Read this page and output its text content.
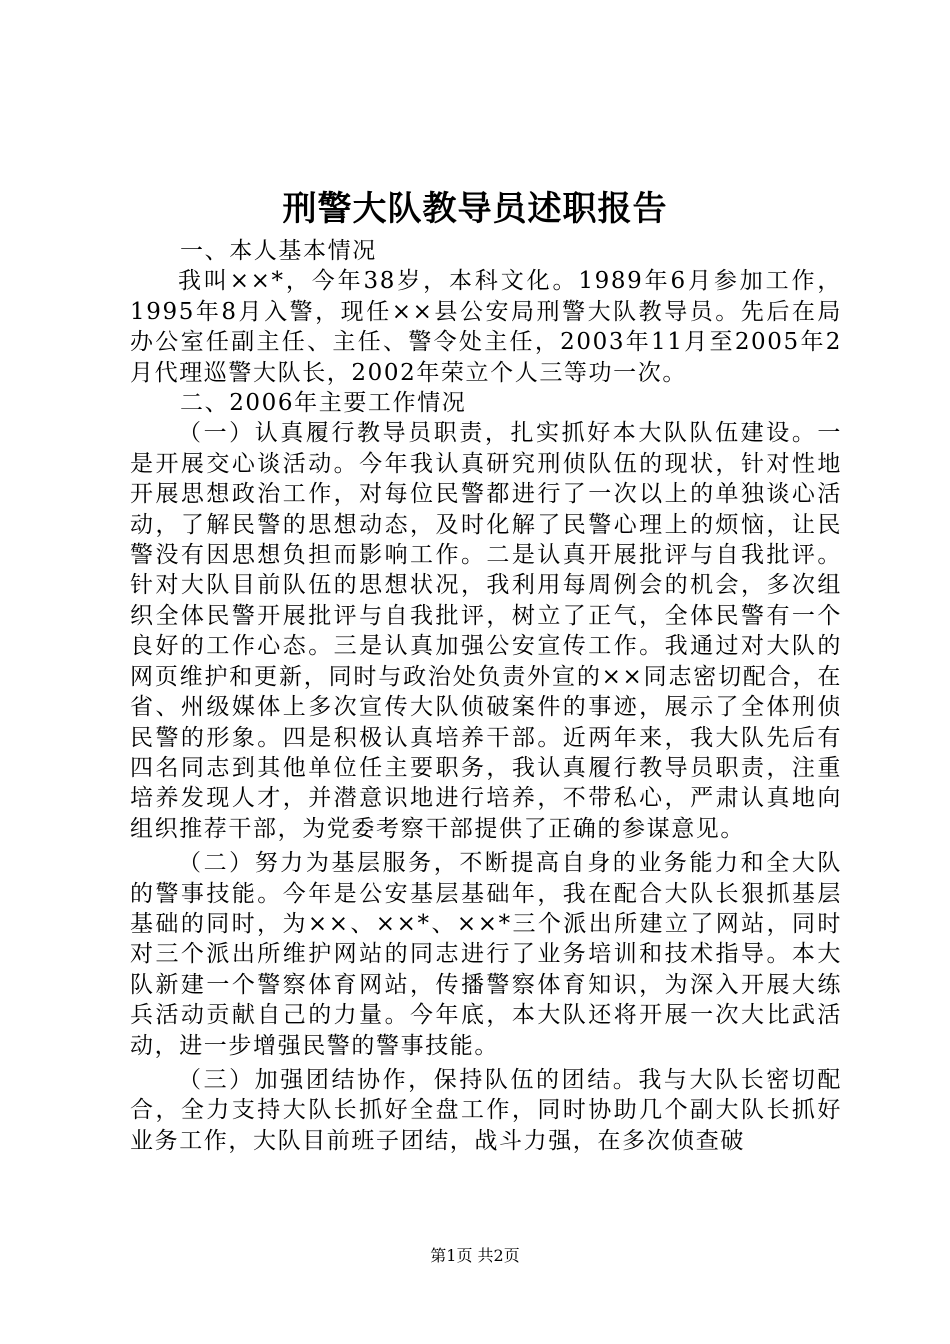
刑警大队教导员述职报告

一、本人基本情况

我叫××*，今年38岁，本科文化。1989年6月参加工作，1995年8月入警，现任××县公安局刑警大队教导员。先后在局办公室任副主任、主任、警令处主任，2003年11月至2005年2月代理巡警大队长，2002年荣立个人三等功一次。

二、2006年主要工作情况

（一）认真履行教导员职责，扎实抓好本大队队伍建设。一是开展交心谈活动。今年我认真研究刑侦队伍的现状，针对性地开展思想政治工作，对每位民警都进行了一次以上的单独谈心活动，了解民警的思想动态，及时化解了民警心理上的烦恼，让民警没有因思想负担而影响工作。二是认真开展批评与自我批评。针对大队目前队伍的思想状况，我利用每周例会的机会，多次组织全体民警开展批评与自我批评，树立了正气，全体民警有一个良好的工作心态。三是认真加强公安宣传工作。我通过对大队的网页维护和更新，同时与政治处负责外宣的××同志密切配合，在省、州级媒体上多次宣传大队侦破案件的事迹，展示了全体刑侦民警的形象。四是积极认真培养干部。近两年来，我大队先后有四名同志到其他单位任主要职务，我认真履行教导员职责，注重培养发现人才，并潜意识地进行培养，不带私心，严肃认真地向组织推荐干部，为党委考察干部提供了正确的参谋意见。

（二）努力为基层服务，不断提高自身的业务能力和全大队的警事技能。今年是公安基层基础年，我在配合大队长狠抓基层基础的同时，为××、××*、××*三个派出所建立了网站，同时对三个派出所维护网站的同志进行了业务培训和技术指导。本大队新建一个警察体育网站，传播警察体育知识，为深入开展大练兵活动贡献自己的力量。今年底，本大队还将开展一次大比武活动，进一步增强民警的警事技能。

（三）加强团结协作，保持队伍的团结。我与大队长密切配合，全力支持大队长抓好全盘工作，同时协助几个副大队长抓好业务工作，大队目前班子团结，战斗力强，在多次侦查破

第1页 共2页
